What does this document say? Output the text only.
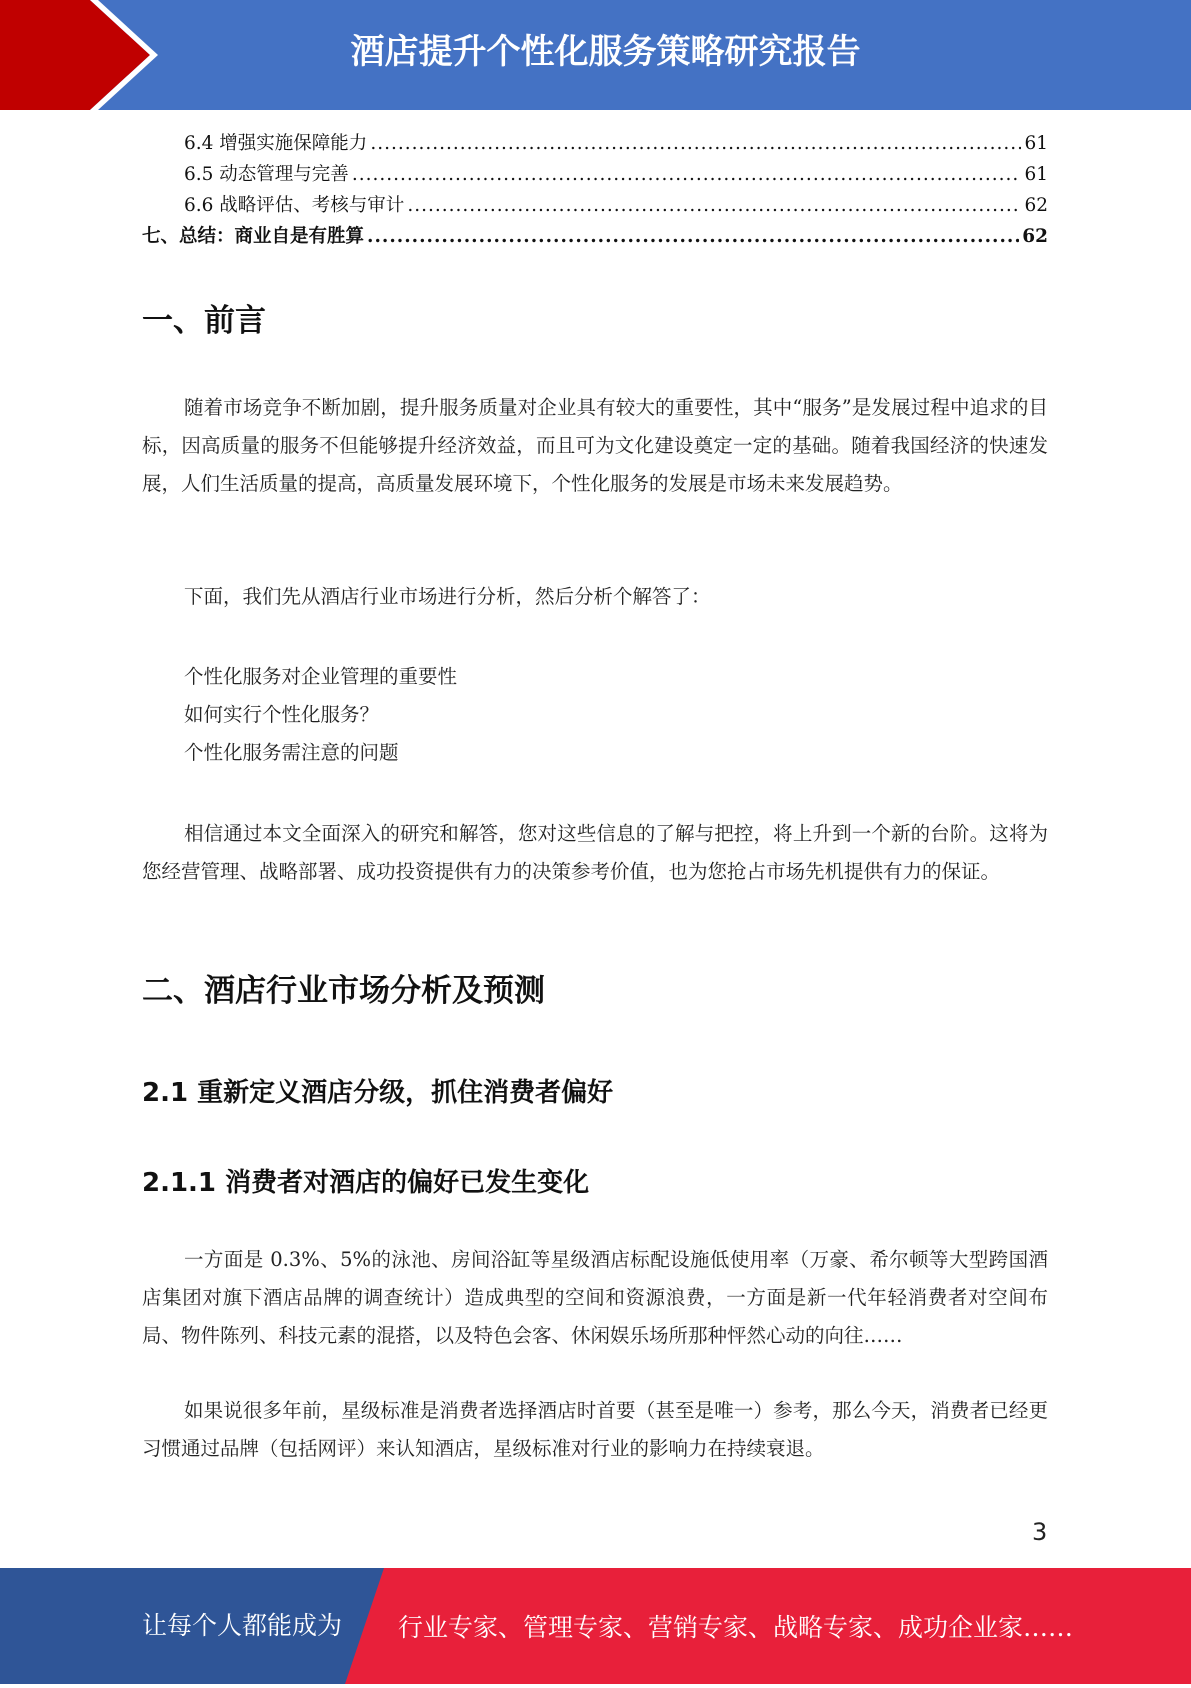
酒店提升个性化服务策略研究报告
6.4 增强实施保障能力 .....	61
6.5 动态管理与完善 .....	61
6.6 战略评估、考核与审计 .....	62
七、总结：商业自是有胜算 .....	62
一、前言
随着市场竞争不断加剧，提升服务质量对企业具有较大的重要性，其中“服务”是发展过程中追求的目标，因高质量的服务不但能够提升经济效益，而且可为文化建设奠定一定的基础。随着我国经济的快速发展，人们生活质量的提高，高质量发展环境下，个性化服务的发展是市场未来发展趋势。
下面，我们先从酒店行业市场进行分析，然后分析个解答了：
个性化服务对企业管理的重要性
如何实行个性化服务？
个性化服务需注意的问题
相信通过本文全面深入的研究和解答，您对这些信息的了解与把控，将上升到一个新的台阶。这将为您经营管理、战略部署、成功投资提供有力的决策参考价值，也为您抢占市场先机提供有力的保证。
二、酒店行业市场分析及预测
2.1 重新定义酒店分级，抓住消费者偏好
2.1.1 消费者对酒店的偏好已发生变化
一方面是 0.3%、5%的泳池、房间浴缸等星级酒店标配设施低使用率（万豪、希尔顿等大型跨国酒店集团对旗下酒店品牌的调查统计）造成典型的空间和资源浪费，一方面是新一代年轻消费者对空间布局、物件陈列、科技元素的混搭，以及特色会客、休闲娱乐场所那种怦然心动的向往……
如果说很多年前，星级标准是消费者选择酒店时首要（甚至是唯一）参考，那么今天，消费者已经更习惯通过品牌（包括网评）来认知酒店，星级标准对行业的影响力在持续衰退。
3
让每个人都能成为 行业专家、管理专家、营销专家、战略专家、成功企业家……
